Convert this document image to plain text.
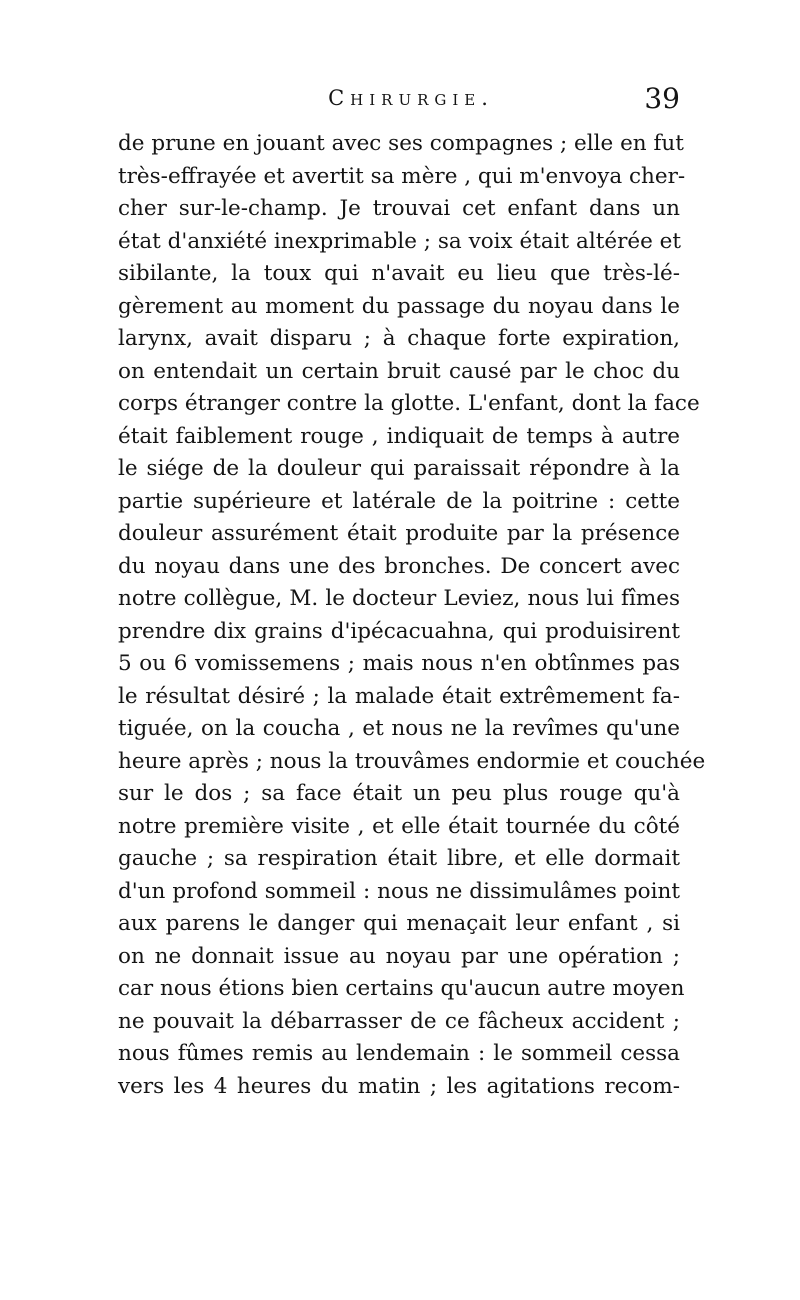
Chirurgie.	39
de prune en jouant avec ses compagnes ; elle en fut
très-effrayée et avertit sa mère , qui m'envoya cher-
cher sur-le-champ. Je trouvai cet enfant dans un
état d'anxiété inexprimable ; sa voix était altérée et
sibilante, la toux qui n'avait eu lieu que très-lé-
gèrement au moment du passage du noyau dans le
larynx, avait disparu ; à chaque forte expiration,
on entendait un certain bruit causé par le choc du
corps étranger contre la glotte. L'enfant, dont la face
était faiblement rouge , indiquait de temps à autre
le siége de la douleur qui paraissait répondre à la
partie supérieure et latérale de la poitrine : cette
douleur assurément était produite par la présence
du noyau dans une des bronches. De concert avec
notre collègue, M. le docteur Leviez, nous lui fîmes
prendre dix grains d'ipécacuahna, qui produisirent
5 ou 6 vomissemens ; mais nous n'en obtînmes pas
le résultat désiré ; la malade était extrêmement fa-
tiguée, on la coucha , et nous ne la revîmes qu'une
heure après ; nous la trouvâmes endormie et couchée
sur le dos ; sa face était un peu plus rouge qu'à
notre première visite , et elle était tournée du côté
gauche ; sa respiration était libre, et elle dormait
d'un profond sommeil : nous ne dissimulâmes point
aux parens le danger qui menaçait leur enfant , si
on ne donnait issue au noyau par une opération ;
car nous étions bien certains qu'aucun autre moyen
ne pouvait la débarrasser de ce fâcheux accident ;
nous fûmes remis au lendemain : le sommeil cessa
vers les 4 heures du matin ; les agitations recom-
